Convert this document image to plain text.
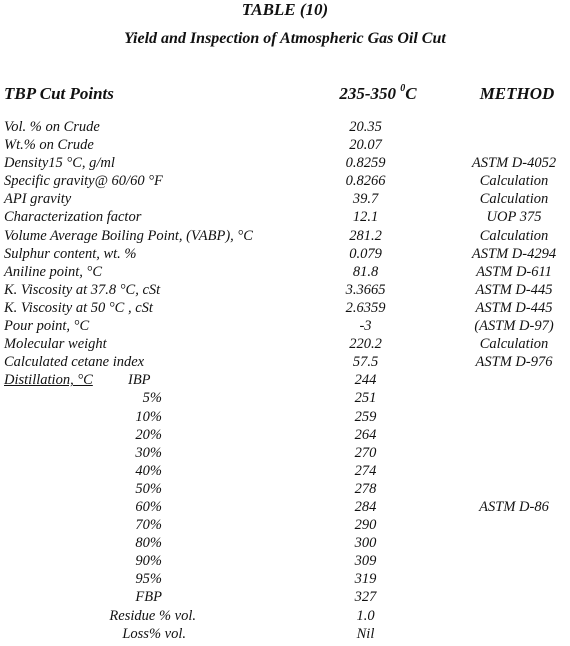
TABLE (10)
Yield and Inspection of Atmospheric Gas Oil Cut
TBP Cut Points	235-350 $^0$C	METHOD
Vol. % on Crude	20.35
Wt.% on Crude	20.07
Density15 °C, g/ml	0.8259	ASTM D-4052
Specific gravity@ 60/60 °F	0.8266	Calculation
API gravity	39.7	Calculation
Characterization factor	12.1	UOP 375
Volume Average Boiling Point, (VABP), °C	281.2	Calculation
Sulphur content, wt. %	0.079	ASTM D-4294
Aniline point, °C	81.8	ASTM D-611
K. Viscosity at 37.8 °C, cSt	3.3665	ASTM D-445
K. Viscosity at 50 °C , cSt	2.6359	ASTM D-445
Pour point, °C	-3	(ASTM D-97)
Molecular weight	220.2	Calculation
Calculated cetane index	57.5	ASTM D-976
Distillation, °C IBP	244
5%	251
10%	259
20%	264
30%	270
40%	274
50%	278
60%	284	ASTM D-86
70%	290
80%	300
90%	309
95%	319
FBP	327
Residue % vol.	1.0
Loss% vol.	Nil
